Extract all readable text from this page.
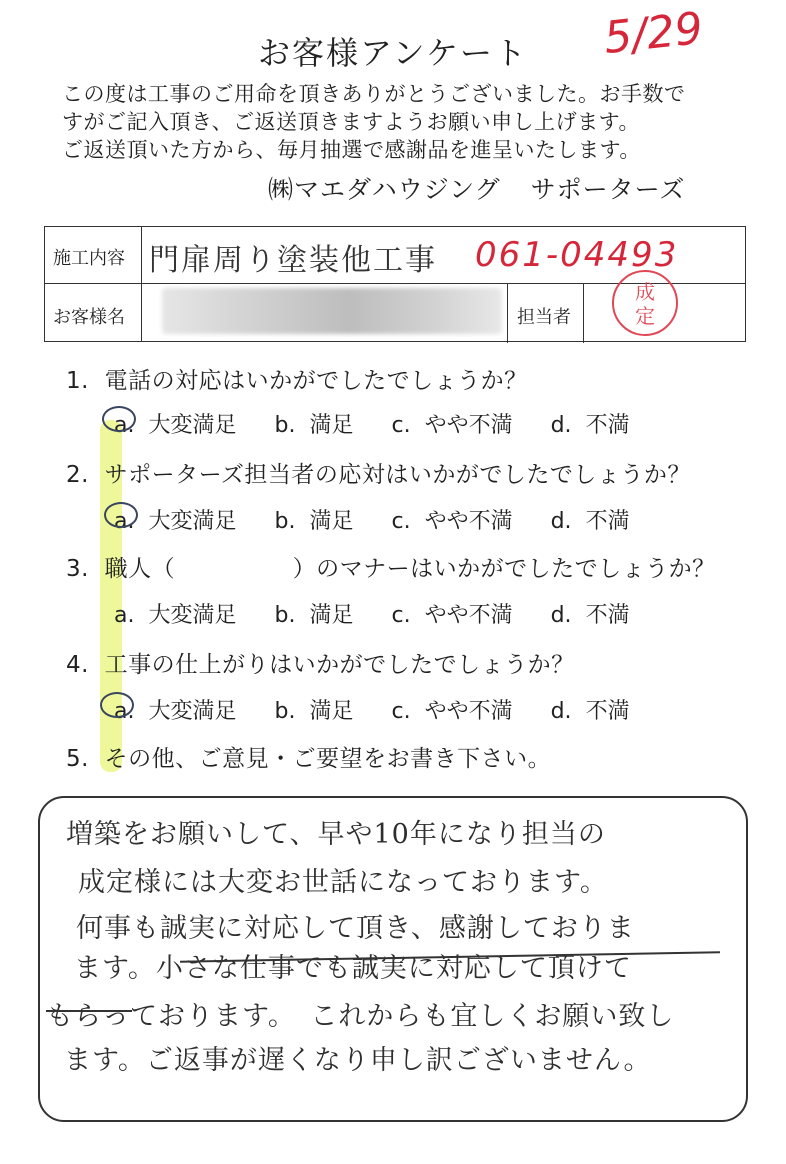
お客様アンケート	5/29
この度は工事のご用命を頂きありがとうございました。お手数で
すがご記入頂き、ご返送頂きますようお願い申し上げます。
ご返送頂いた方から、毎月抽選で感謝品を進呈いたします。
㈱マエダハウジング サポーターズ
施工内容
お客様名	担当者
門扉周り塗装他工事 061-04493
成
定
1. 電話の対応はいかがでしたでしょうか？
a. 大変満足 b. 満足 c. やや不満 d. 不満
2. サポーターズ担当者の応対はいかがでしたでしょうか？
a. 大変満足 b. 満足 c. やや不満 d. 不満
3. 職人（　　　　　）のマナーはいかがでしたでしょうか？
a. 大変満足 b. 満足 c. やや不満 d. 不満
4. 工事の仕上がりはいかがでしたでしょうか？
a. 大変満足 b. 満足 c. やや不満 d. 不満
5. その他、ご意見・ご要望をお書き下さい。
増築をお願いして、早や10年になり担当の
成定様には大変お世話になっております。
何事も誠実に対応して頂き、感謝しておりま
ます。小さな仕事でも誠実に対応して頂けて
もらっております。　これからも宜しくお願い致し
ます。ご返事が遅くなり申し訳ございません。
